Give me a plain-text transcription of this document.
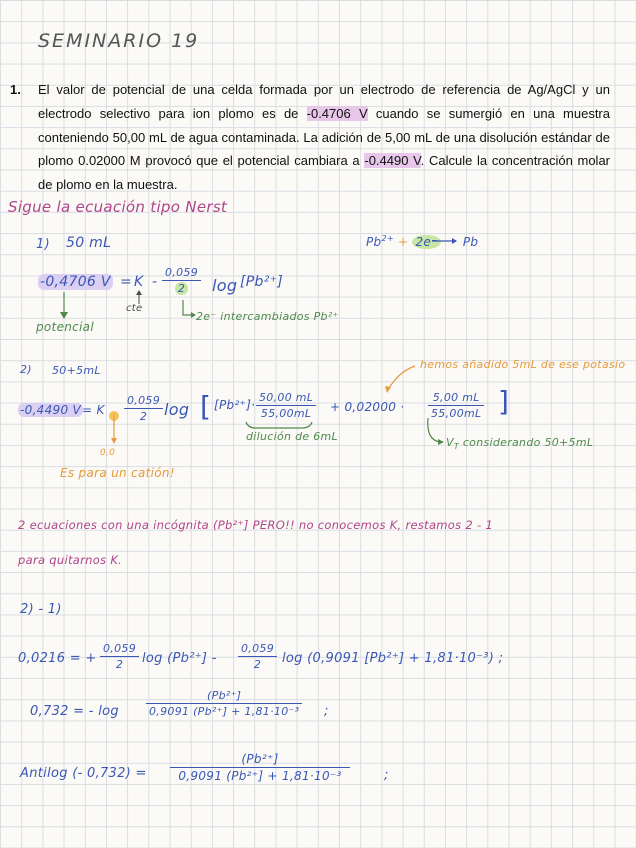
SEMINARIO 19
1. El valor de potencial de una celda formada por un electrodo de referencia de Ag/AgCl y un electrodo selectivo para ion plomo es de -0.4706 V cuando se sumergió en una muestra conteniendo 50,00 mL de agua contaminada. La adición de 5,00 mL de una disolución estándar de plomo 0.02000 M provocó que el potencial cambiara a -0.4490 V. Calcule la concentración molar de plomo en la muestra.
Sigue la ecuación tipo Nerst
1) 50 mL	$Pb^{2+} + 2e^-$ Pb
-0,4706 V = K -
0,059
2	log [Pb²⁺]
cte
2e⁻ intercambiados Pb²⁺
potencial
2) 50+5mL	hemos añadido 5mL de ese potasio
-0,4490 V = K
0,059
2	log [ [Pb²⁺]·
50,00 mL
55,00mL	+ 0,02000 ·
5,00 mL
55,00mL ]
dilución de 6mL	$V_T$ considerando 50+5mL
0,0
Es para un catión!
2 ecuaciones con una incógnita (Pb²⁺] PERO!! no conocemos K, restamos 2 - 1
para quitarnos K.
2) - 1)
0,0216 = +
0,059
2	log (Pb²⁺] -
0,059
2	log (0,9091 [Pb²⁺] + 1,81·10⁻³) ;
0,732 = - log
(Pb²⁺]
0,9091 (Pb²⁺] + 1,81·10⁻³ ;
Antilog (- 0,732) =
(Pb²⁺]
0,9091 (Pb²⁺] + 1,81·10⁻³	;
